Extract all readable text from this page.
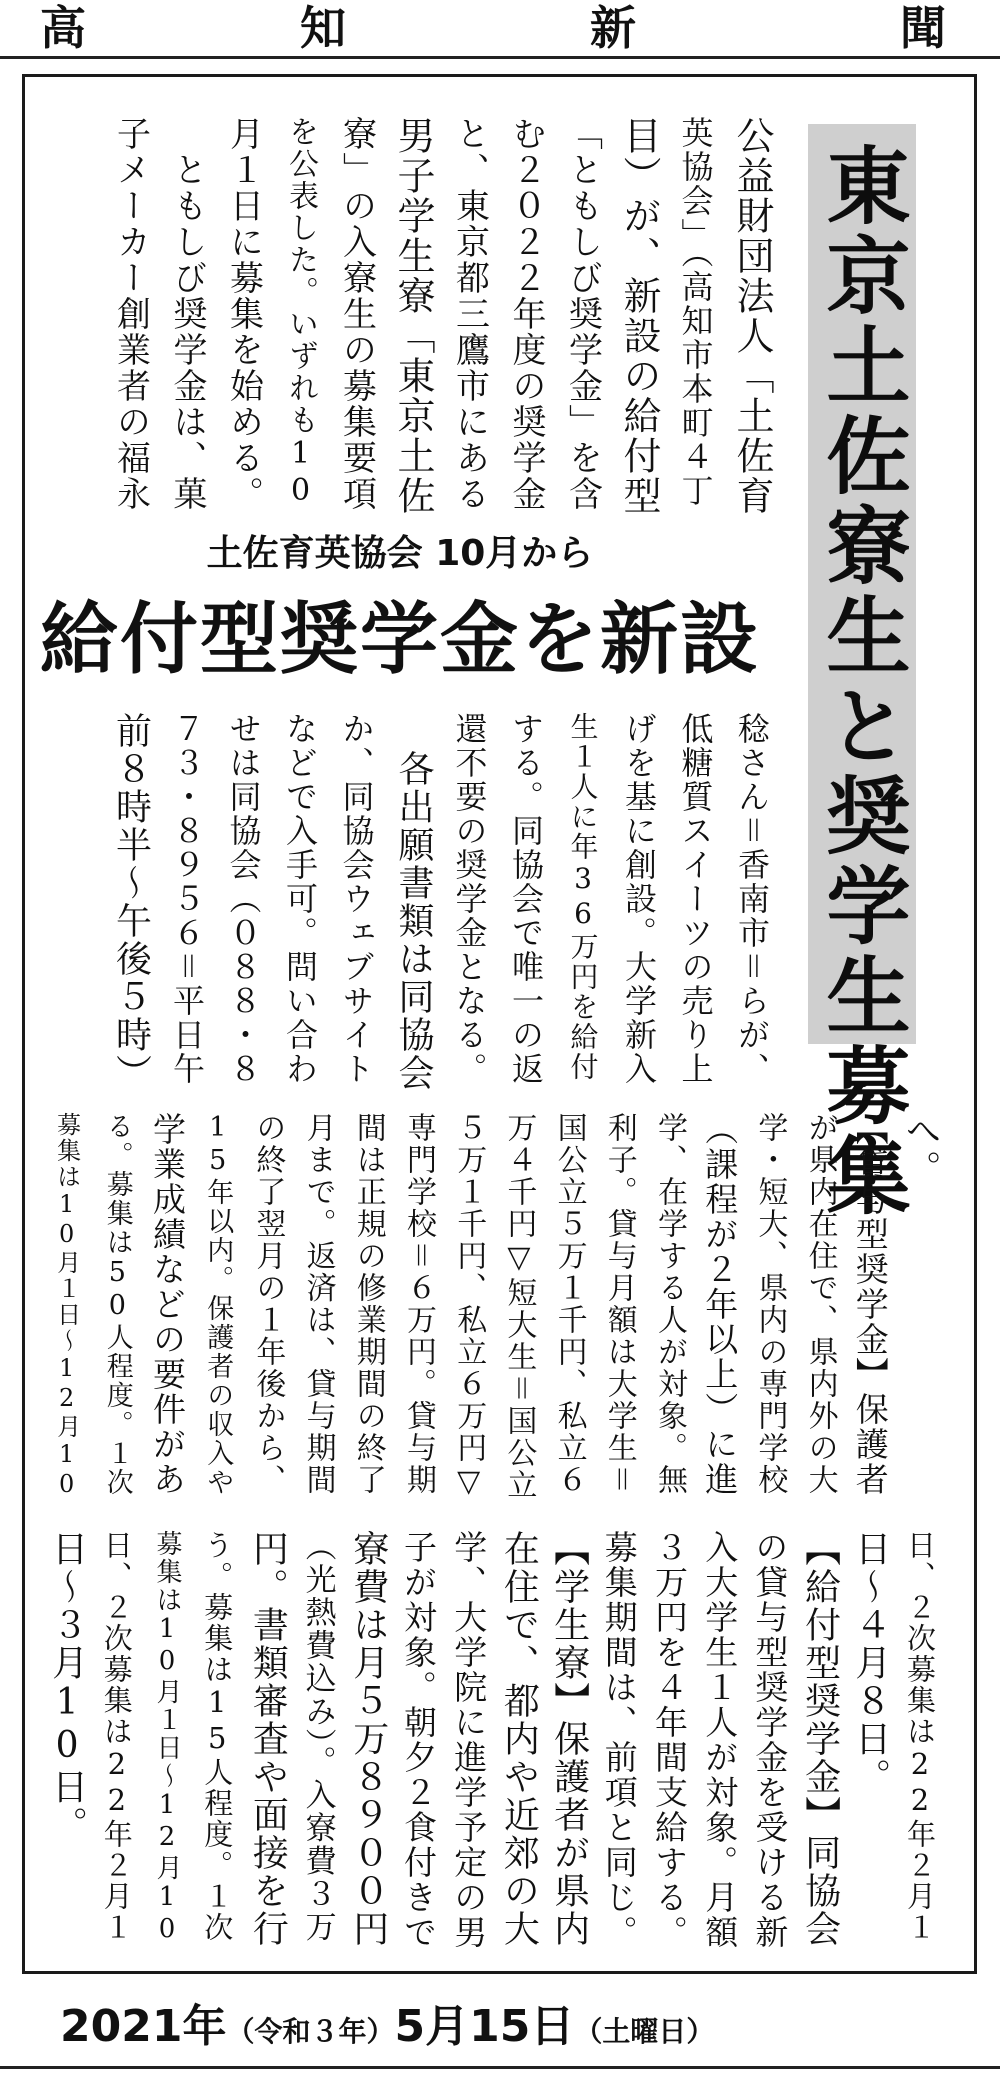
高	知	新	聞
東京土佐寮生と奨学生募集
土佐育英協会 10月から
給付型奨学金を新設
公益財団法人「土佐育
英協会」（高知市本町４丁
目）が、新設の給付型
「ともしび奨学金」を含
む２０２２年度の奨学金
と、東京都三鷹市にある
男子学生寮「東京土佐
寮」の入寮生の募集要項
を公表した。いずれも10
月１日に募集を始める。
　ともしび奨学金は、菓
子メーカー創業者の福永
稔さん＝香南市＝らが、
低糖質スイーツの売り上
げを基に創設。大学新入
生１人に年36万円を給付
する。同協会で唯一の返
還不要の奨学金となる。
　各出願書類は同協会
か、同協会ウェブサイト
などで入手可。問い合わ
せは同協会（０８８・８
７３・８９５６＝平日午
前８時半～午後５時）
へ。
【貸与型奨学金】保護者
が県内在住で、県内外の大
学・短大、県内の専門学校
（課程が２年以上）に進
学、在学する人が対象。無
利子。貸与月額は大学生＝
国公立５万１千円、私立６
万４千円▽短大生＝国公立
５万１千円、私立６万円▽
専門学校＝６万円。貸与期
間は正規の修業期間の終了
月まで。返済は、貸与期間
の終了翌月の１年後から、
15年以内。保護者の収入や
学業成績などの要件があ
る。募集は50人程度。１次
募集は10月１日～12月10
日、２次募集は22年２月１
日～４月８日。
【給付型奨学金】同協会
の貸与型奨学金を受ける新
入大学生１人が対象。月額
３万円を４年間支給する。
募集期間は、前項と同じ。
【学生寮】保護者が県内
在住で、都内や近郊の大
学、大学院に進学予定の男
子が対象。朝夕２食付きで
寮費は月５万８９００円
（光熱費込み）。入寮費３万
円。書類審査や面接を行
う。募集は15人程度。１次
募集は10月１日～12月10
日、２次募集は22年２月１
日～３月10日。
2021年（令和３年）5月15日（土曜日）
